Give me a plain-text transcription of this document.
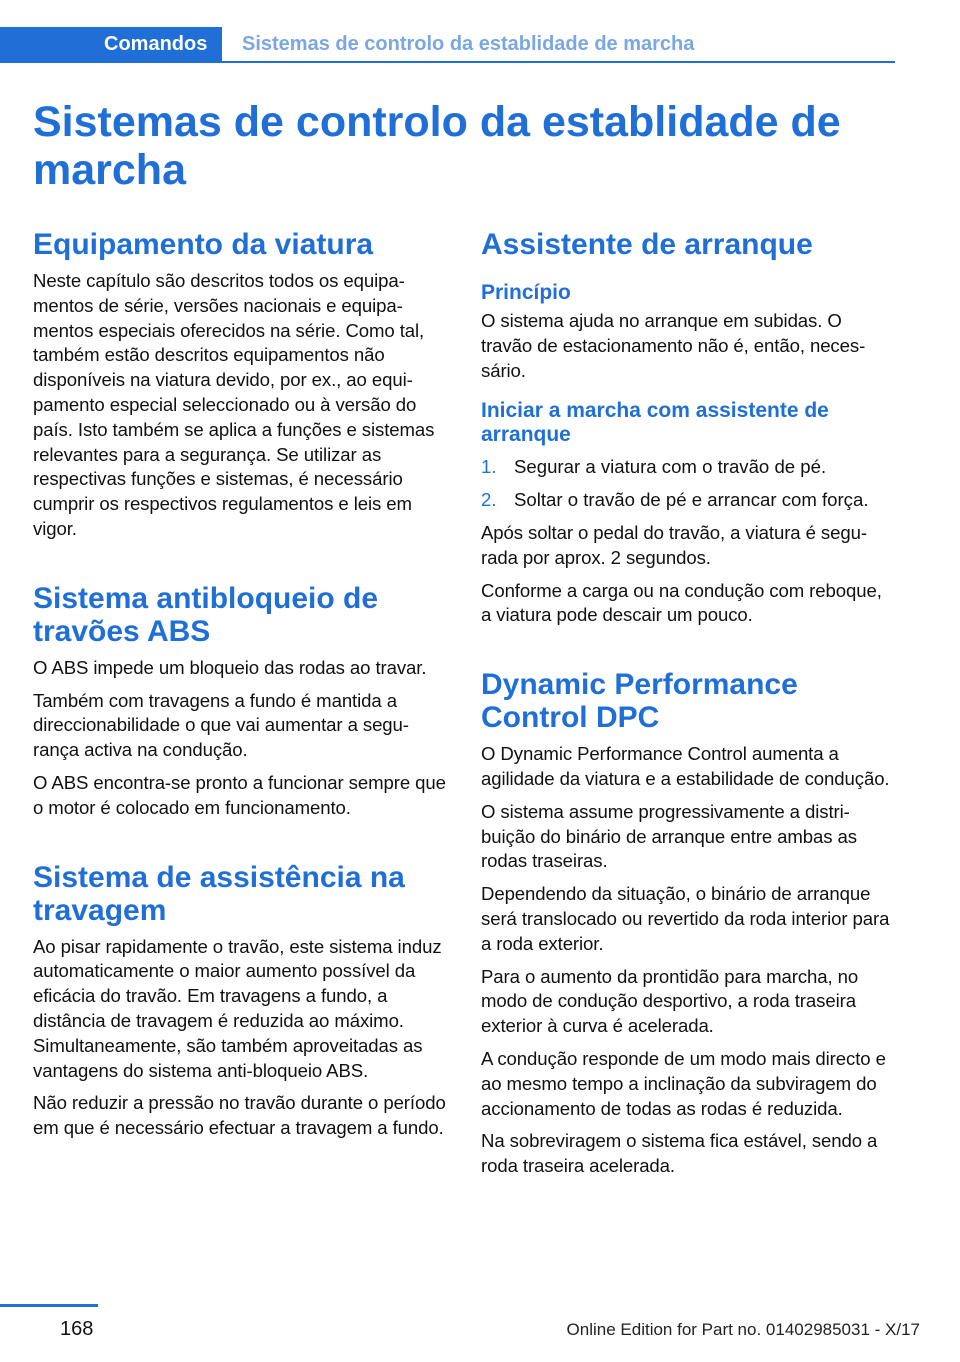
Comandos	Sistemas de controlo da establidade de marcha
Sistemas de controlo da establidade de marcha
Equipamento da viatura

Neste capítulo são descritos todos os equipamentos de série, versões nacionais e equipamentos especiais oferecidos na série. Como tal, também estão descritos equipamentos não disponíveis na viatura devido, por ex., ao equipamento especial seleccionado ou à versão do país. Isto também se aplica a funções e sistemas relevantes para a segurança. Se utilizar as respectivas funções e sistemas, é necessário cumprir os respectivos regulamentos e leis em vigor.

Sistema antibloqueio de travões ABS

O ABS impede um bloqueio das rodas ao travar.

Também com travagens a fundo é mantida a direccionabilidade o que vai aumentar a segurança activa na condução.

O ABS encontra-se pronto a funcionar sempre que o motor é colocado em funcionamento.

Sistema de assistência na travagem

Ao pisar rapidamente o travão, este sistema induz automaticamente o maior aumento possível da eficácia do travão. Em travagens a fundo, a distância de travagem é reduzida ao máximo. Simultaneamente, são também aproveitadas as vantagens do sistema anti-bloqueio ABS.

Não reduzir a pressão no travão durante o período em que é necessário efectuar a travagem a fundo.

Assistente de arranque
Princípio

O sistema ajuda no arranque em subidas. O travão de estacionamento não é, então, necessário.

Iniciar a marcha com assistente de arranque
1. Segurar a viatura com o travão de pé.
2. Soltar o travão de pé e arrancar com força.

Após soltar o pedal do travão, a viatura é segurada por aprox. 2 segundos.

Conforme a carga ou na condução com reboque, a viatura pode descair um pouco.

Dynamic Performance Control DPC

O Dynamic Performance Control aumenta a agilidade da viatura e a estabilidade de condução.

O sistema assume progressivamente a distribuição do binário de arranque entre ambas as rodas traseiras.

Dependendo da situação, o binário de arranque será translocado ou revertido da roda interior para a roda exterior.

Para o aumento da prontidão para marcha, no modo de condução desportivo, a roda traseira exterior à curva é acelerada.

A condução responde de um modo mais directo e ao mesmo tempo a inclinação da subviragem do accionamento de todas as rodas é reduzida.

Na sobreviragem o sistema fica estável, sendo a roda traseira acelerada.

168	Online Edition for Part no. 01402985031 - X/17
